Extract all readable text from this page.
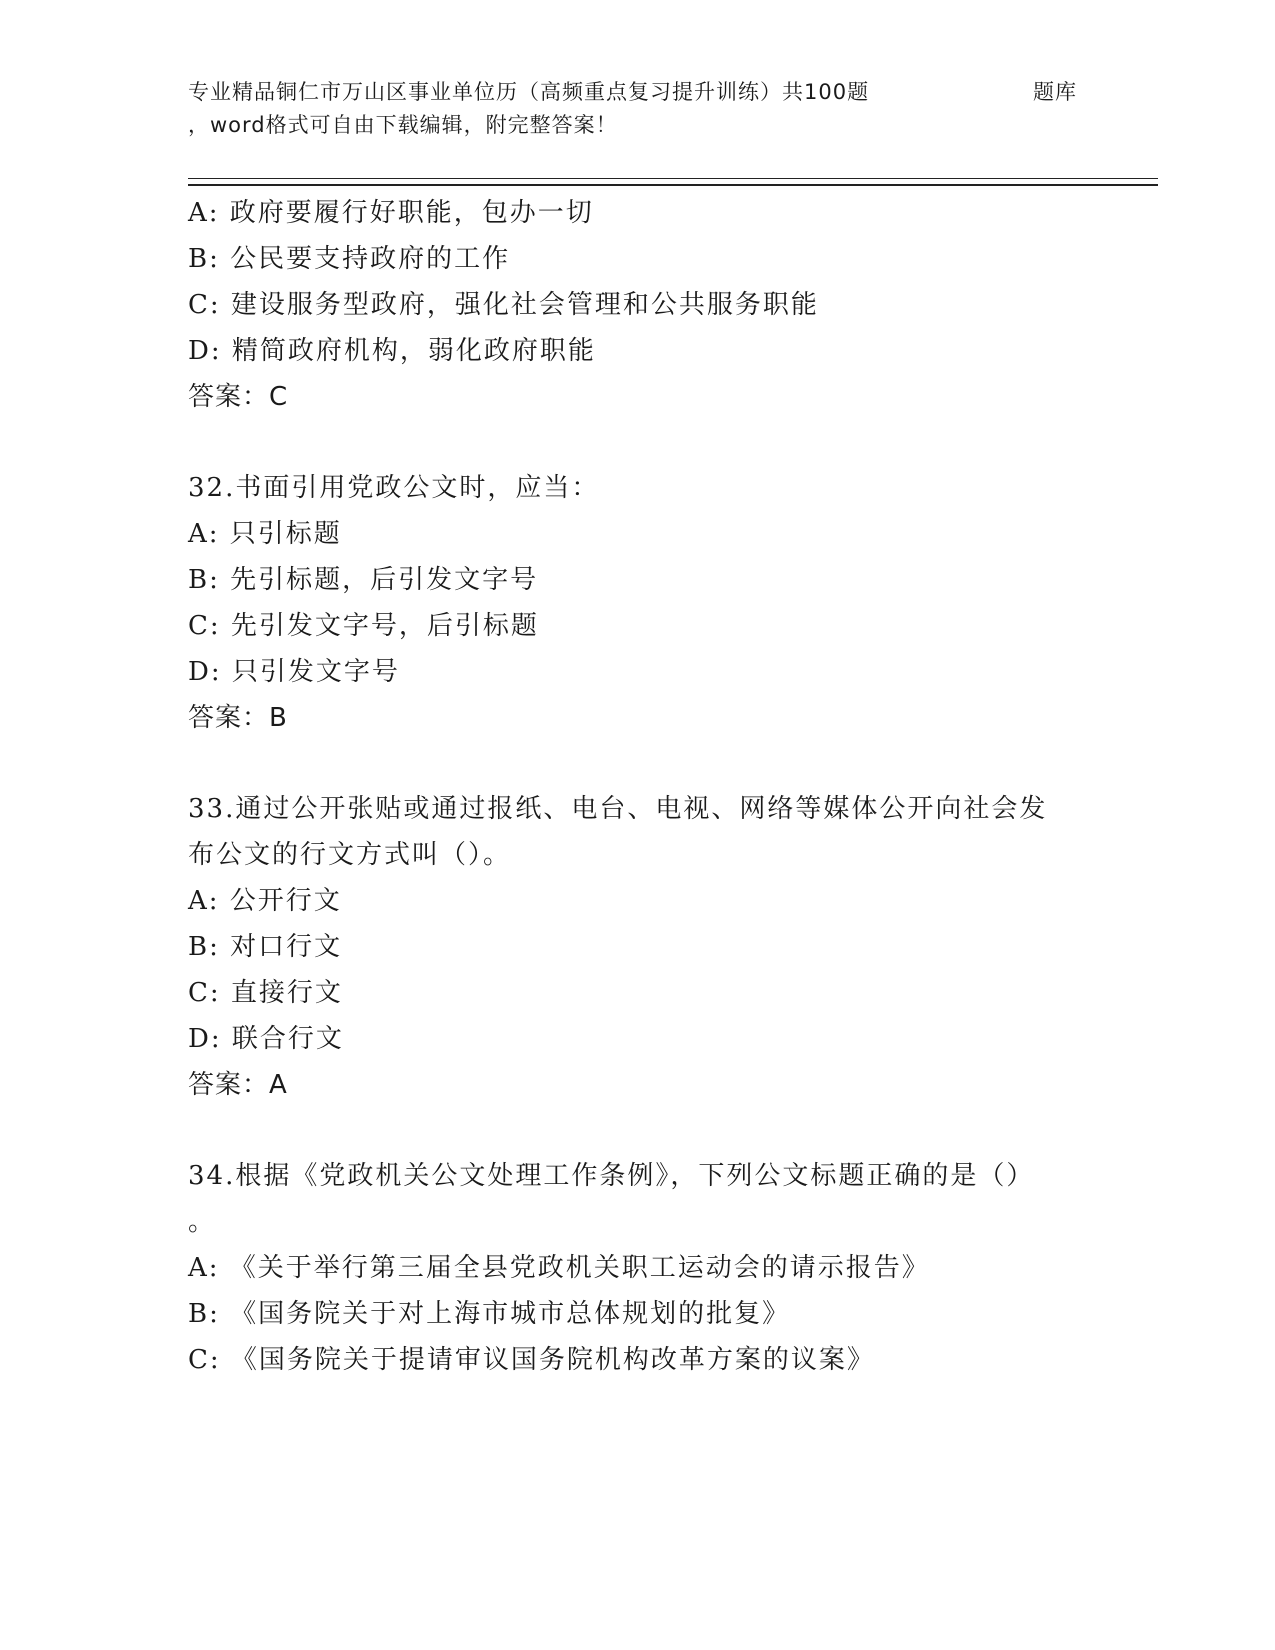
专业精品铜仁市万山区事业单位历（高频重点复习提升训练）共100题	题库
，word格式可自由下载编辑，附完整答案！
A: 政府要履行好职能，包办一切
B: 公民要支持政府的工作
C: 建设服务型政府，强化社会管理和公共服务职能
D: 精简政府机构，弱化政府职能
答案：C
32.书面引用党政公文时，应当：
A: 只引标题
B: 先引标题，后引发文字号
C: 先引发文字号，后引标题
D: 只引发文字号
答案：B
33.通过公开张贴或通过报纸、电台、电视、网络等媒体公开向社会发
布公文的行文方式叫（）。
A: 公开行文
B: 对口行文
C: 直接行文
D: 联合行文
答案：A
34.根据《党政机关公文处理工作条例》，下列公文标题正确的是（）
。
A: 《关于举行第三届全县党政机关职工运动会的请示报告》
B: 《国务院关于对上海市城市总体规划的批复》
C: 《国务院关于提请审议国务院机构改革方案的议案》
